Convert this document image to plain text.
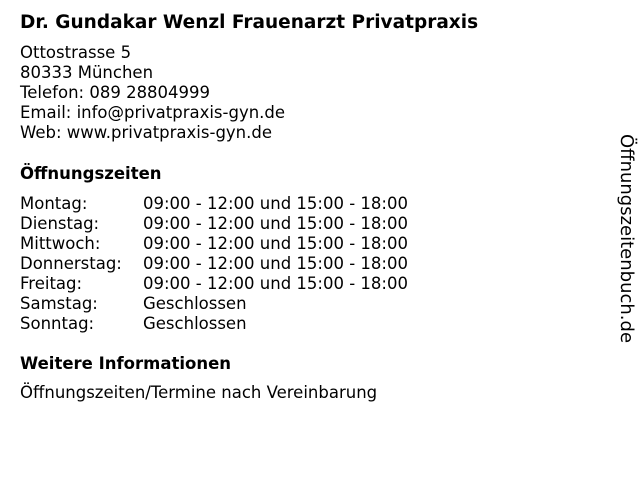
Dr. Gundakar Wenzl Frauenarzt Privatpraxis
Ottostrasse 5
80333 München
Telefon: 089 28804999
Email: info@privatpraxis-gyn.de
Web: www.privatpraxis-gyn.de
Öffnungszeiten
Montag:	09:00 - 12:00 und 15:00 - 18:00
Dienstag:	09:00 - 12:00 und 15:00 - 18:00
Mittwoch:	09:00 - 12:00 und 15:00 - 18:00
Donnerstag:	09:00 - 12:00 und 15:00 - 18:00
Freitag:	09:00 - 12:00 und 15:00 - 18:00
Samstag:	Geschlossen
Sonntag:	Geschlossen
Weitere Informationen
Öffnungszeiten/Termine nach Vereinbarung
Öffnungszeitenbuch.de
